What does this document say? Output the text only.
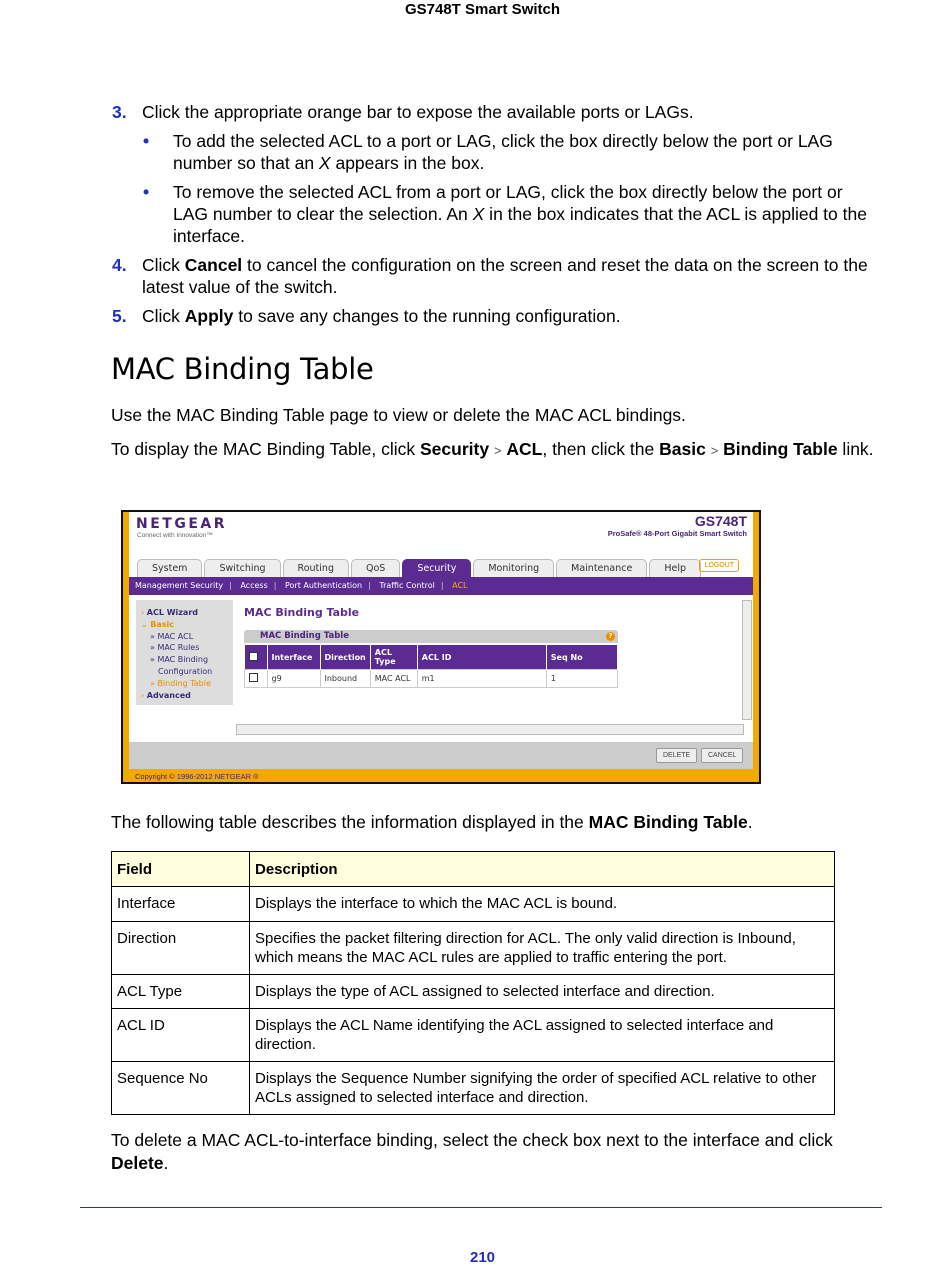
GS748T Smart Switch
3. Click the appropriate orange bar to expose the available ports or LAGs.
• To add the selected ACL to a port or LAG, click the box directly below the port or LAG number so that an X appears in the box.
• To remove the selected ACL from a port or LAG, click the box directly below the port or LAG number to clear the selection. An X in the box indicates that the ACL is applied to the interface.
4. Click Cancel to cancel the configuration on the screen and reset the data on the screen to the latest value of the switch.
5. Click Apply to save any changes to the running configuration.
MAC Binding Table
Use the MAC Binding Table page to view or delete the MAC ACL bindings.
To display the MAC Binding Table, click Security > ACL, then click the Basic > Binding Table link.
NETGEAR
Connect with Innovation™
GS748T
ProSafe® 48-Port Gigabit Smart Switch
System	Switching	Routing	QoS	Security	Monitoring	Maintenance	Help	LOGOUT
Management Security | Access | Port Authentication | Traffic Control | ACL
› ACL Wizard
⌄ Basic
» MAC ACL
» MAC Rules
» MAC Binding
Configuration
» Binding Table
› Advanced
MAC Binding Table
MAC Binding Table	?
	Interface	Direction	ACL Type	ACL ID	Seq No
	g9	Inbound	MAC ACL	m1	1
DELETE	CANCEL
Copyright © 1996-2012 NETGEAR ®
The following table describes the information displayed in the MAC Binding Table.
Field	Description
Interface	Displays the interface to which the MAC ACL is bound.
Direction	Specifies the packet filtering direction for ACL. The only valid direction is Inbound, which means the MAC ACL rules are applied to traffic entering the port.
ACL Type	Displays the type of ACL assigned to selected interface and direction.
ACL ID	Displays the ACL Name identifying the ACL assigned to selected interface and direction.
Sequence No	Displays the Sequence Number signifying the order of specified ACL relative to other ACLs assigned to selected interface and direction.
To delete a MAC ACL-to-interface binding, select the check box next to the interface and click Delete.
210
